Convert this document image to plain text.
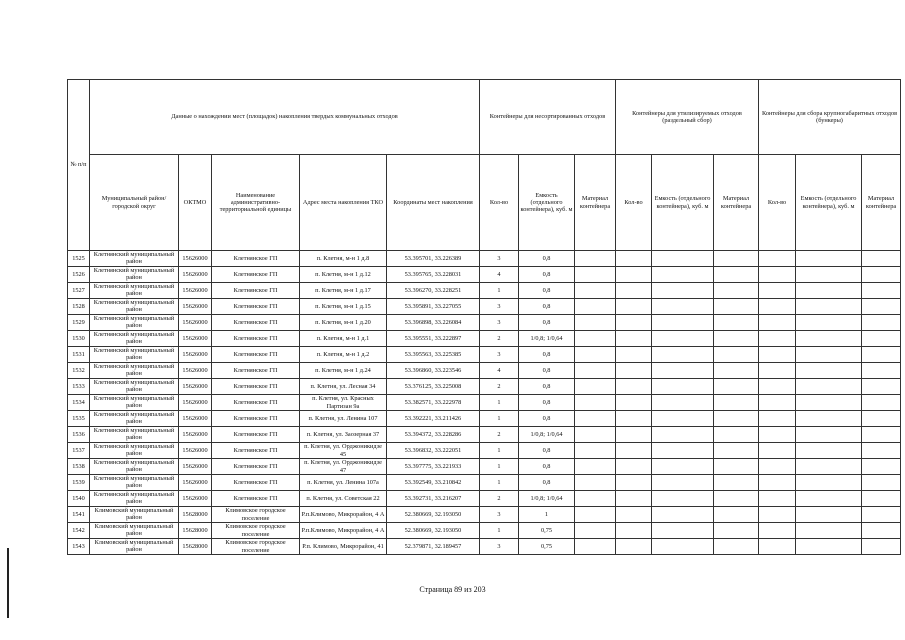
№ п/п	Данные о нахождении мест (площадок) накопления твердых коммунальных отходов					Контейнеры для несортированных отходов			Контейнеры для утилизируемых отходов (раздельный сбор)			Контейнеры для сбора крупногабаритных отходов (бункеры)		
	Муниципальный район/городской округ	ОКТМО	Наименование административно-территориальной единицы	Адрес места накопления ТКО	Координаты мест накопления	Кол-во	Емкость (отдельного контейнера), куб. м	Материал контейнера	Кол-во	Емкость (отдельного контейнера), куб. м	Материал контейнера	Кол-во	Емкость (отдельного контейнера), куб. м	Материал контейнера
1525	Клетнянский муниципальный район	15626000	Клетнянское ГП	п. Клетня, м-н 1 д.8	53.395701, 33.226389	3	0,8							
1526	Клетнянский муниципальный район	15626000	Клетнянское ГП	п. Клетня, м-н 1 д.12	53.395765, 33.228031	4	0,8							
1527	Клетнянский муниципальный район	15626000	Клетнянское ГП	п. Клетня, м-н 1 д.17	53.396270, 33.228251	1	0,8							
1528	Клетнянский муниципальный район	15626000	Клетнянское ГП	п. Клетня, м-н 1 д.15	53.395891, 33.227055	3	0,8							
1529	Клетнянский муниципальный район	15626000	Клетнянское ГП	п. Клетня, м-н 1 д.20	53.396898, 33.226084	3	0,8							
1530	Клетнянский муниципальный район	15626000	Клетнянское ГП	п. Клетня, м-н 1 д.1	53.395551, 33.222897	2	1/0,8; 1/0,64							
1531	Клетнянский муниципальный район	15626000	Клетнянское ГП	п. Клетня, м-н 1 д.2	53.395563, 33.225385	3	0,8							
1532	Клетнянский муниципальный район	15626000	Клетнянское ГП	п. Клетня, м-н 1 д.24	53.396860, 33.223546	4	0,8							
1533	Клетнянский муниципальный район	15626000	Клетнянское ГП	п. Клетня, ул. Лесная 34	53.376125, 33.225008	2	0,8							
1534	Клетнянский муниципальный район	15626000	Клетнянское ГП	п. Клетня, ул. Красных Партизан 9а	53.382571, 33.222978	1	0,8							
1535	Клетнянский муниципальный район	15626000	Клетнянское ГП	п. Клетня, ул. Ленина 107	53.392221, 33.211426	1	0,8							
1536	Клетнянский муниципальный район	15626000	Клетнянское ГП	п. Клетня, ул. Заозерная 37	53.394372, 33.228286	2	1/0,8; 1/0,64							
1537	Клетнянский муниципальный район	15626000	Клетнянское ГП	п. Клетня, ул. Орджоникидзе 45	53.396832, 33.222051	1	0,8							
1538	Клетнянский муниципальный район	15626000	Клетнянское ГП	п. Клетня, ул. Орджоникидзе 47	53.397775, 33.221933	1	0,8							
1539	Клетнянский муниципальный район	15626000	Клетнянское ГП	п. Клетня, ул. Ленина 107а	53.392549, 33.210842	1	0,8							
1540	Клетнянский муниципальный район	15626000	Клетнянское ГП	п. Клетня, ул. Советская 22	53.392731, 33.216207	2	1/0,8; 1/0,64							
1541	Климовский муниципальный район	15628000	Климовское городское поселение	Р.п.Климово, Микрорайон, 4 А	52.380669, 32.193050	3	1							
1542	Климовский муниципальный район	15628000	Климовское городское поселение	Р.п.Климово, Микрорайон, 4 А	52.380669, 32.193050	1	0,75							
1543	Климовский муниципальный район	15628000	Климовское городское поселение	Р.п. Климово, Микрорайон, 41	52.379871, 32.189457	3	0,75							
Страница 89 из 203
